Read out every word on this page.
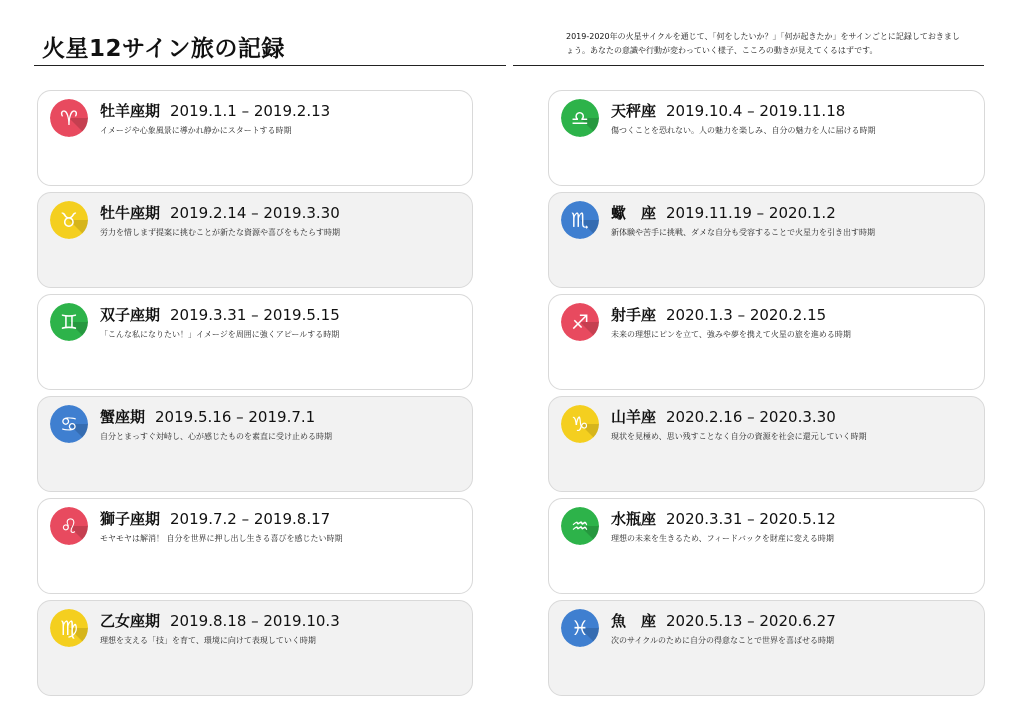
火星12サイン旅の記録	2019-2020年の火星サイクルを通じて、「何をしたいか？」「何が起きたか」をサインごとに記録しておきましょう。あなたの意識や行動が変わっていく様子、こころの動きが見えてくるはずです。

♈︎ 牡羊座期 2019.1.1 – 2019.2.13
イメージや心象風景に導かれ静かにスタートする時期
♉︎ 牡牛座期 2019.2.14 – 2019.3.30
労力を惜しまず提案に挑むことが新たな資源や喜びをもたらす時期
♊︎ 双子座期 2019.3.31 – 2019.5.15
「こんな私になりたい！」イメージを周囲に強くアピールする時期
♋︎ 蟹座期 2019.5.16 – 2019.7.1
自分とまっすぐ対峙し、心が感じたものを素直に受け止める時期
♌︎ 獅子座期 2019.7.2 – 2019.8.17
モヤモヤは解消！ 自分を世界に押し出し生きる喜びを感じたい時期
♍︎ 乙女座期 2019.8.18 – 2019.10.3
理想を支える「技」を育て、環境に向けて表現していく時期
♎︎ 天秤座 2019.10.4 – 2019.11.18
傷つくことを恐れない。人の魅力を楽しみ、自分の魅力を人に届ける時期
♏︎ 蠍　座 2019.11.19 – 2020.1.2
新体験や苦手に挑戦、ダメな自分も受容することで火星力を引き出す時期
♐︎ 射手座 2020.1.3 – 2020.2.15
未来の理想にピンを立て、強みや夢を携えて火星の旅を進める時期
♑︎ 山羊座 2020.2.16 – 2020.3.30
現状を見極め、思い残すことなく自分の資源を社会に還元していく時期
♒︎ 水瓶座 2020.3.31 – 2020.5.12
理想の未来を生きるため、フィードバックを財産に変える時期
♓︎ 魚　座 2020.5.13 – 2020.6.27
次のサイクルのために自分の得意なことで世界を喜ばせる時期
